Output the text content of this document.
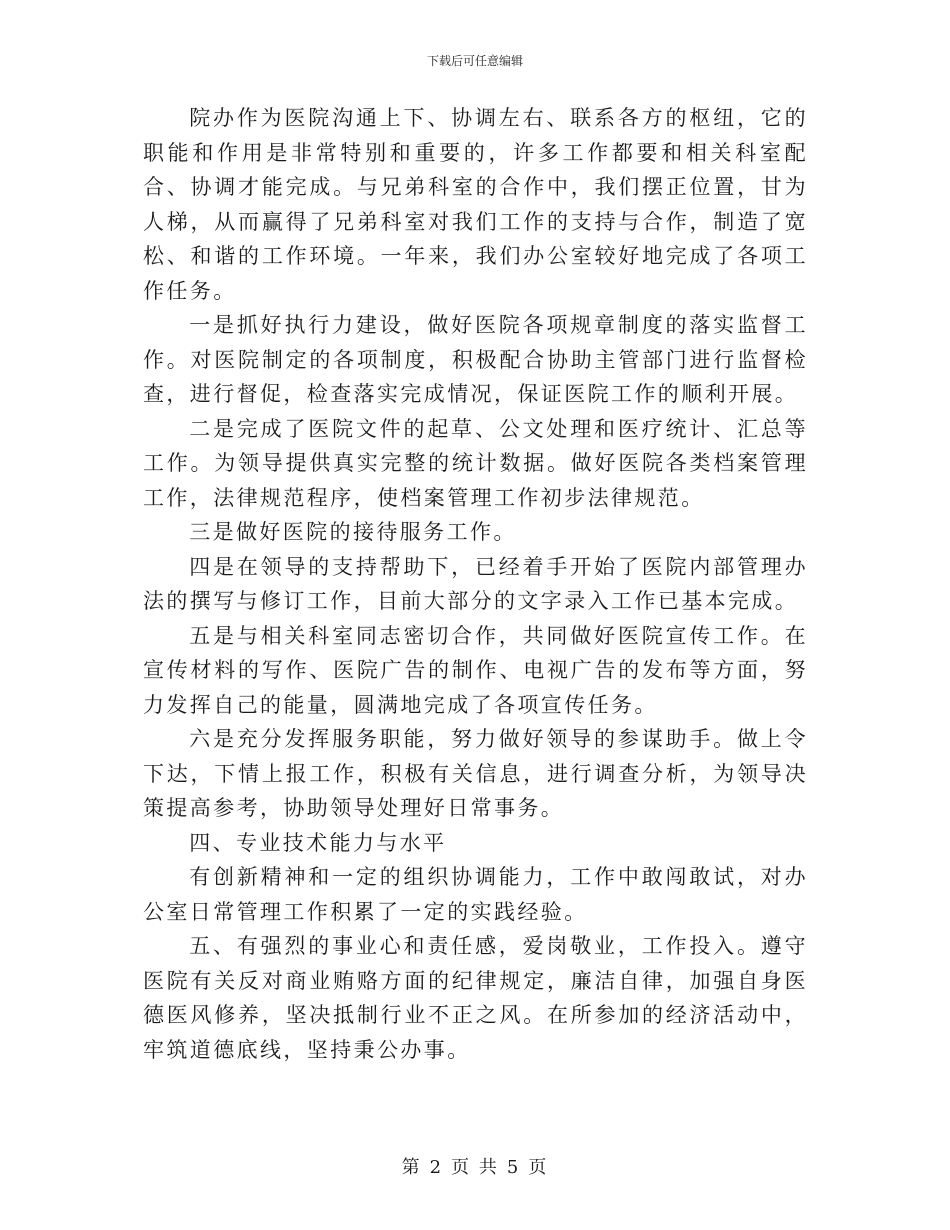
下载后可任意编辑

院办作为医院沟通上下、协调左右、联系各方的枢纽，它的职能和作用是非常特别和重要的，许多工作都要和相关科室配合、协调才能完成。与兄弟科室的合作中，我们摆正位置，甘为人梯，从而赢得了兄弟科室对我们工作的支持与合作，制造了宽松、和谐的工作环境。一年来，我们办公室较好地完成了各项工作任务。

一是抓好执行力建设，做好医院各项规章制度的落实监督工作。对医院制定的各项制度，积极配合协助主管部门进行监督检查，进行督促，检查落实完成情况，保证医院工作的顺利开展。

二是完成了医院文件的起草、公文处理和医疗统计、汇总等工作。为领导提供真实完整的统计数据。做好医院各类档案管理工作，法律规范程序，使档案管理工作初步法律规范。

三是做好医院的接待服务工作。

四是在领导的支持帮助下，已经着手开始了医院内部管理办法的撰写与修订工作，目前大部分的文字录入工作已基本完成。

五是与相关科室同志密切合作，共同做好医院宣传工作。在宣传材料的写作、医院广告的制作、电视广告的发布等方面，努力发挥自己的能量，圆满地完成了各项宣传任务。

六是充分发挥服务职能，努力做好领导的参谋助手。做上令下达，下情上报工作，积极有关信息，进行调查分析，为领导决策提高参考，协助领导处理好日常事务。

四、专业技术能力与水平

有创新精神和一定的组织协调能力，工作中敢闯敢试，对办公室日常管理工作积累了一定的实践经验。

五、有强烈的事业心和责任感，爱岗敬业，工作投入。遵守医院有关反对商业贿赂方面的纪律规定，廉洁自律，加强自身医德医风修养，坚决抵制行业不正之风。在所参加的经济活动中，牢筑道德底线，坚持秉公办事。

第 2 页 共 5 页
